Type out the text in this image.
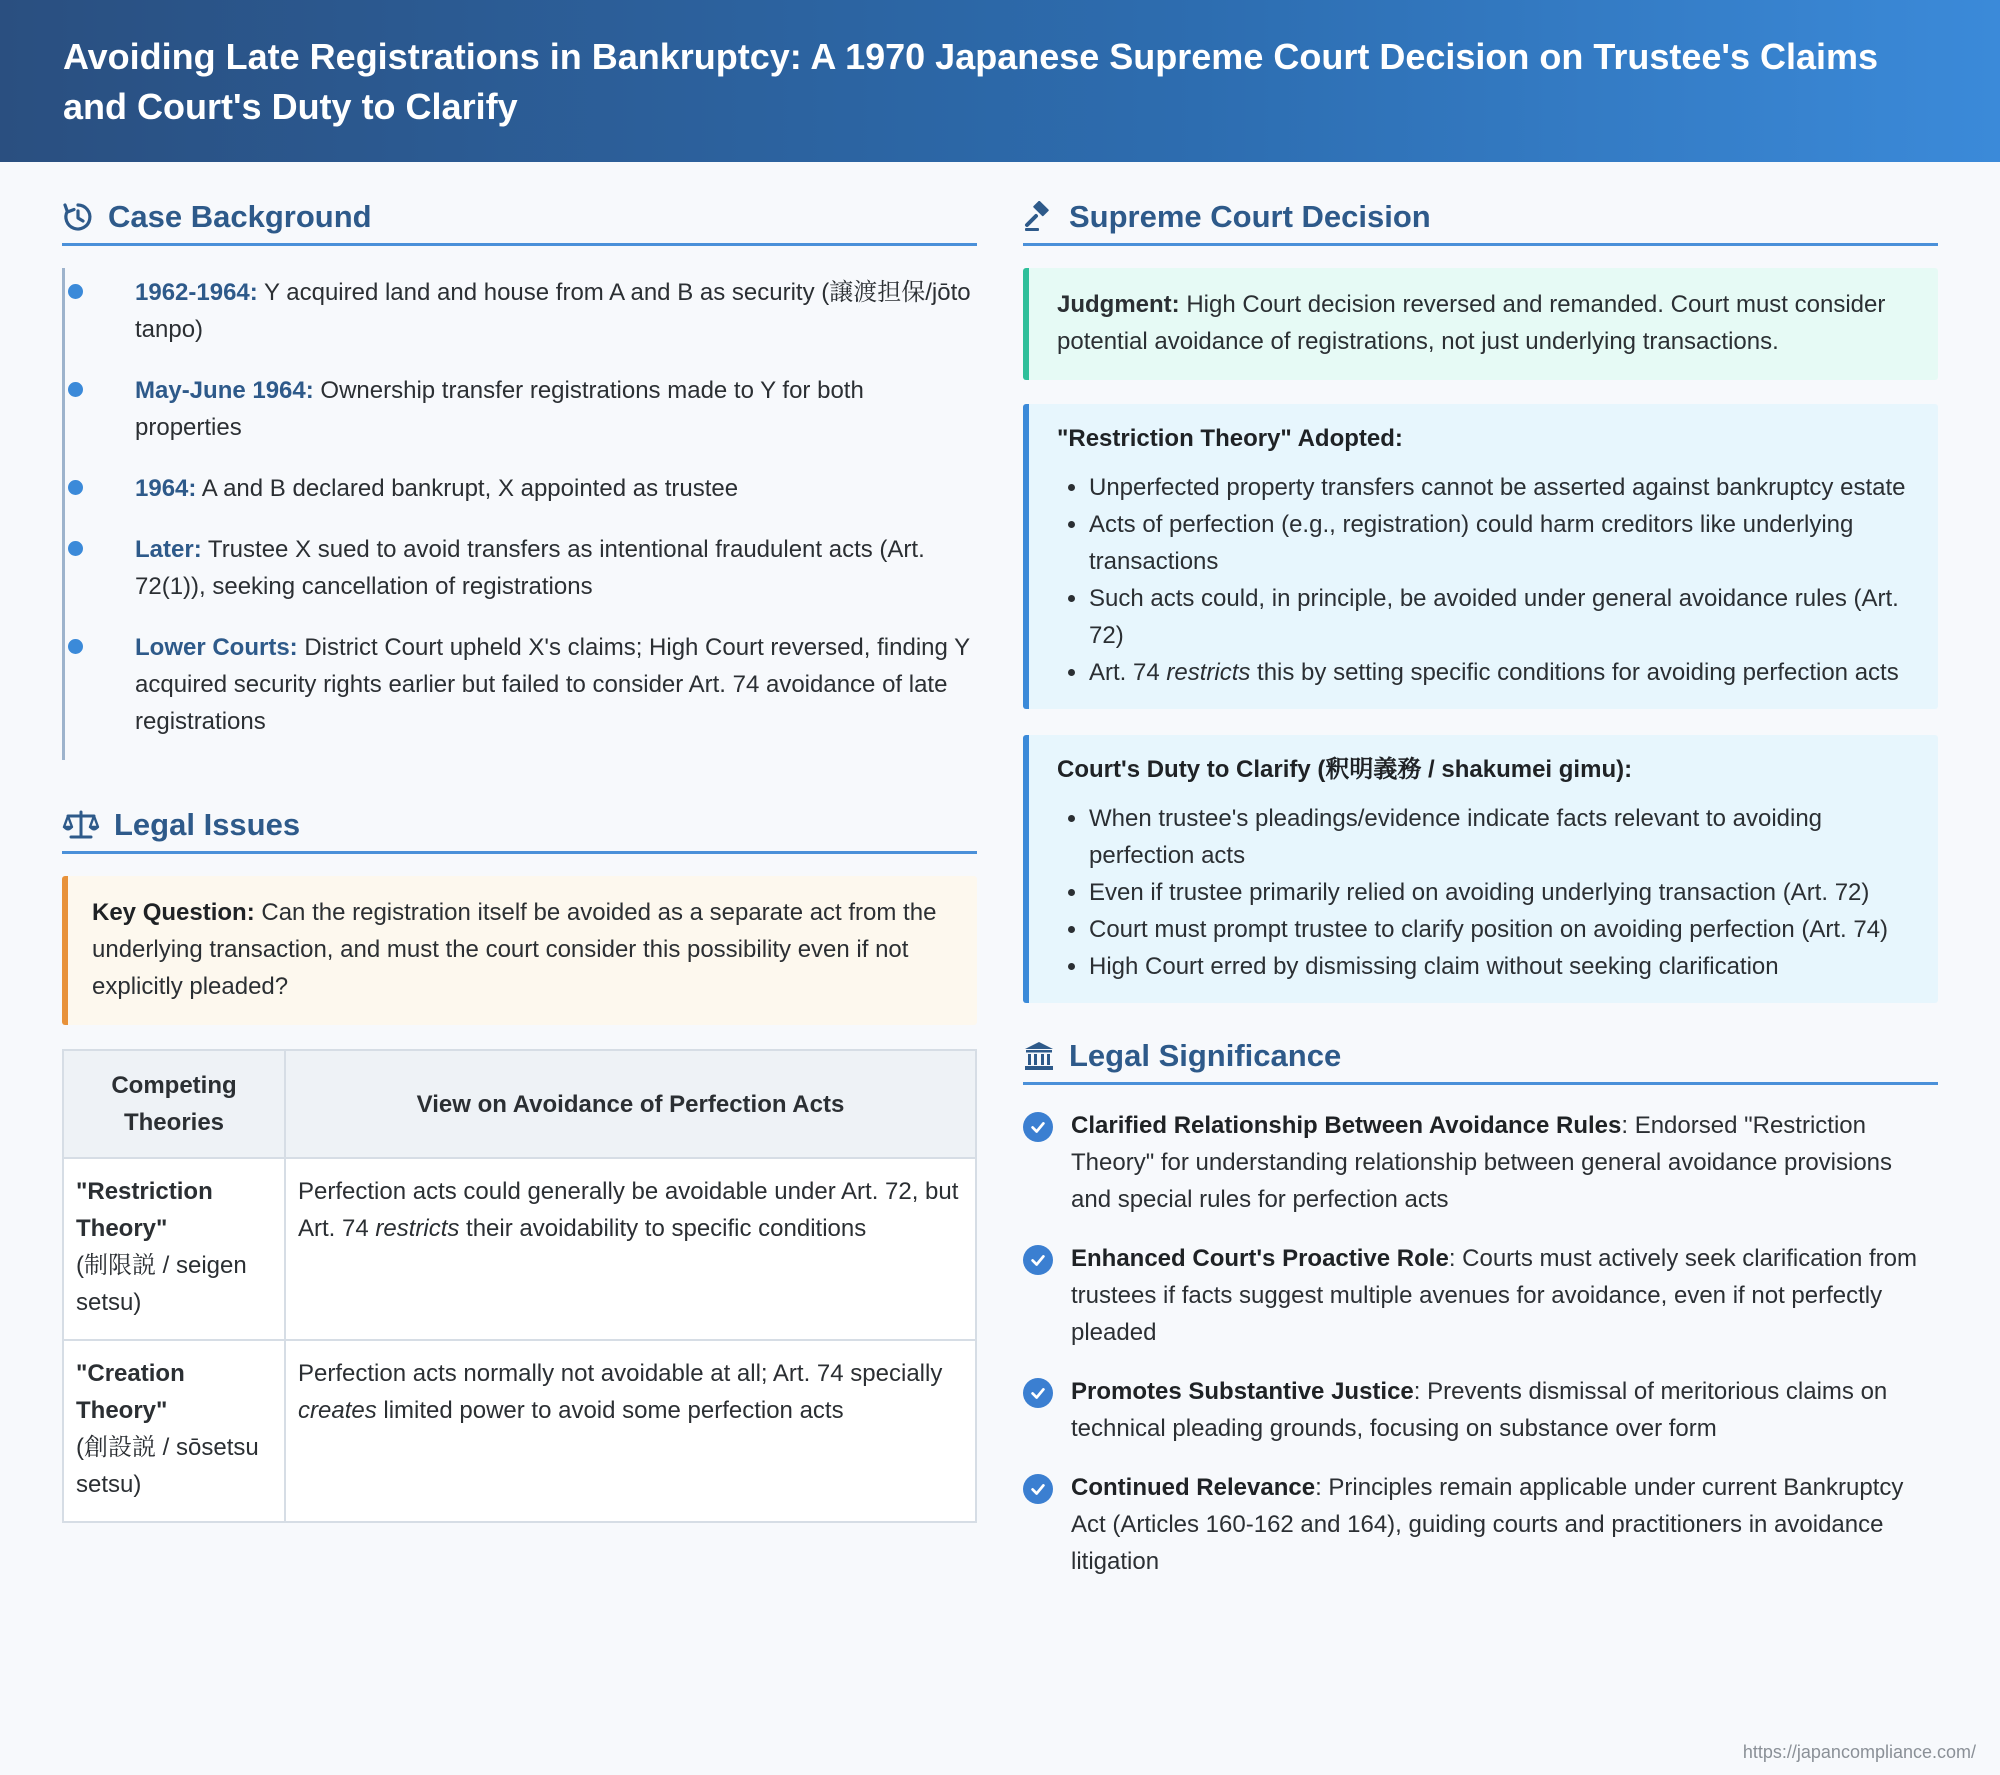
Avoiding Late Registrations in Bankruptcy: A 1970 Japanese Supreme Court Decision on Trustee's Claims and Court's Duty to Clarify
Case Background
1962-1964: Y acquired land and house from A and B as security (譲渡担保/jōto tanpo)
May-June 1964: Ownership transfer registrations made to Y for both properties
1964: A and B declared bankrupt, X appointed as trustee
Later: Trustee X sued to avoid transfers as intentional fraudulent acts (Art. 72(1)), seeking cancellation of registrations
Lower Courts: District Court upheld X's claims; High Court reversed, finding Y acquired security rights earlier but failed to consider Art. 74 avoidance of late registrations
Legal Issues
Key Question: Can the registration itself be avoided as a separate act from the underlying transaction, and must the court consider this possibility even if not explicitly pleaded?
Competing Theories	View on Avoidance of Perfection Acts
"Restriction Theory"
(制限説 / seigen setsu)	Perfection acts could generally be avoidable under Art. 72, but Art. 74 restricts their avoidability to specific conditions
"Creation Theory"
(創設説 / sōsetsu setsu)	Perfection acts normally not avoidable at all; Art. 74 specially creates limited power to avoid some perfection acts
Supreme Court Decision
Judgment: High Court decision reversed and remanded. Court must consider potential avoidance of registrations, not just underlying transactions.
"Restriction Theory" Adopted:
• Unperfected property transfers cannot be asserted against bankruptcy estate
• Acts of perfection (e.g., registration) could harm creditors like underlying transactions
• Such acts could, in principle, be avoided under general avoidance rules (Art. 72)
• Art. 74 restricts this by setting specific conditions for avoiding perfection acts
Court's Duty to Clarify (釈明義務 / shakumei gimu):
• When trustee's pleadings/evidence indicate facts relevant to avoiding perfection acts
• Even if trustee primarily relied on avoiding underlying transaction (Art. 72)
• Court must prompt trustee to clarify position on avoiding perfection (Art. 74)
• High Court erred by dismissing claim without seeking clarification
Legal Significance
Clarified Relationship Between Avoidance Rules: Endorsed "Restriction Theory" for understanding relationship between general avoidance provisions and special rules for perfection acts
Enhanced Court's Proactive Role: Courts must actively seek clarification from trustees if facts suggest multiple avenues for avoidance, even if not perfectly pleaded
Promotes Substantive Justice: Prevents dismissal of meritorious claims on technical pleading grounds, focusing on substance over form
Continued Relevance: Principles remain applicable under current Bankruptcy Act (Articles 160-162 and 164), guiding courts and practitioners in avoidance litigation
https://japancompliance.com/
